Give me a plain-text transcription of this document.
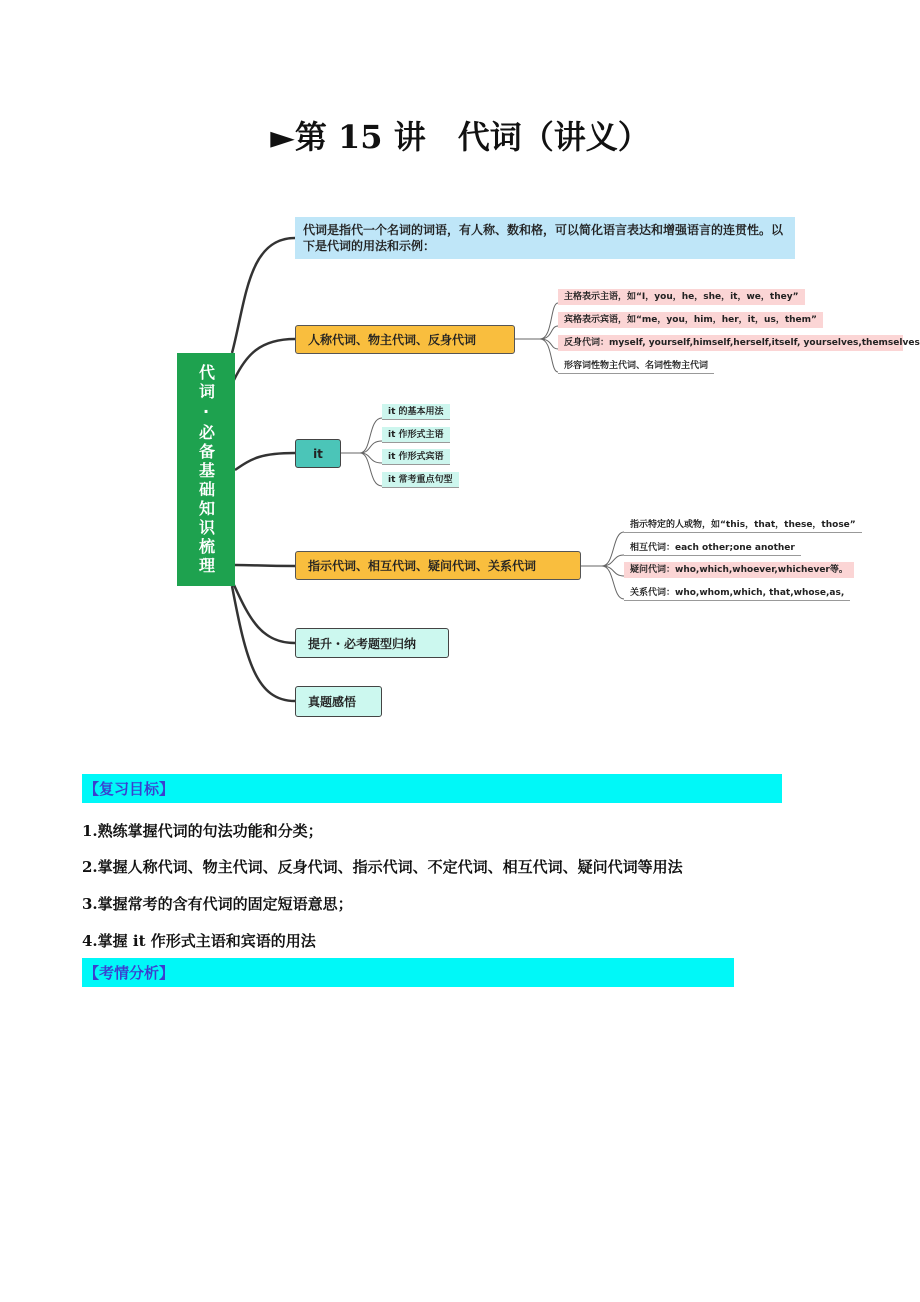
►第 15 讲　代词（讲义）
代词·必备基础知识梳理
代词是指代一个名词的词语，有人称、数和格，可以简化语言表达和增强语言的连贯性。以下是代词的用法和示例：
人称代词、物主代词、反身代词
主格表示主语，如“I，you，he，she，it，we，they”
宾格表示宾语，如“me，you，him，her，it，us，them”
反身代词：myself, yourself,himself,herself,itself, yourselves,themselves
形容词性物主代词、名词性物主代词
it
it 的基本用法
it 作形式主语
it 作形式宾语
it 常考重点句型
指示代词、相互代词、疑问代词、关系代词
指示特定的人或物，如“this，that，these，those”
相互代词：each other;one another
疑问代词：who,which,whoever,whichever等。
关系代词：who,whom,which, that,whose,as,
提升・必考题型归纳
真题感悟
【复习目标】
1.熟练掌握代词的句法功能和分类；
2.掌握人称代词、物主代词、反身代词、指示代词、不定代词、相互代词、疑问代词等用法
3.掌握常考的含有代词的固定短语意思；
4.掌握 it 作形式主语和宾语的用法
【考情分析】
